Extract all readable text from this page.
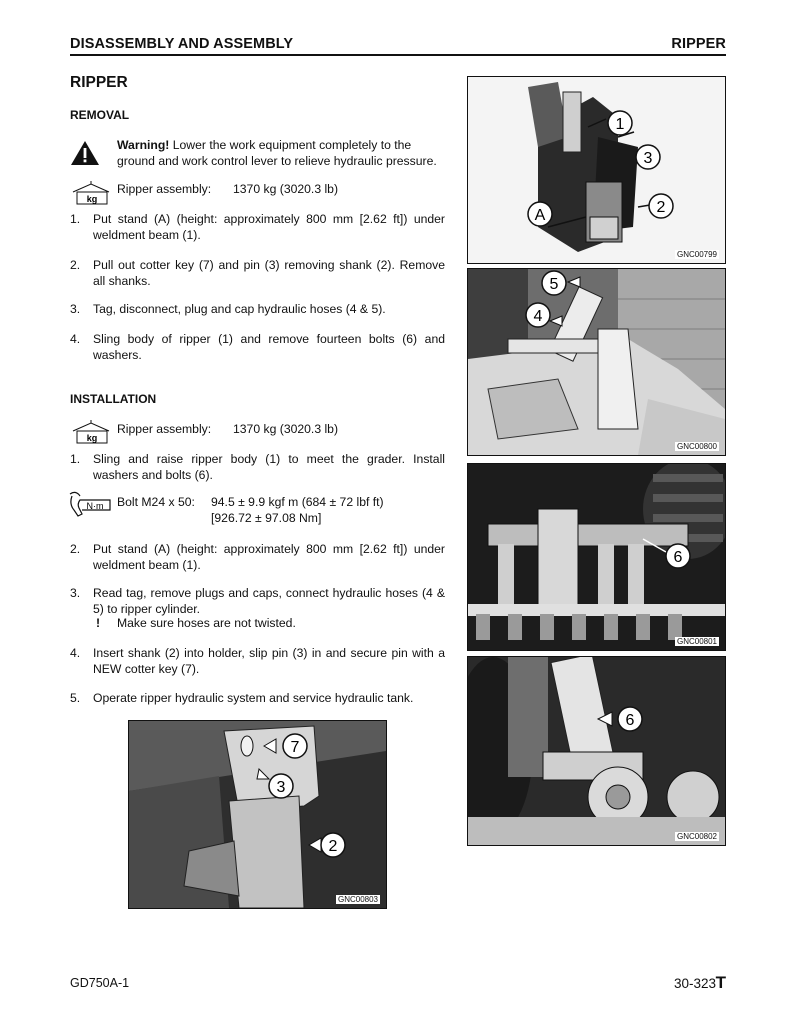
DISASSEMBLY AND ASSEMBLY	RIPPER
RIPPER
REMOVAL
Warning! Lower the work equipment completely to the
ground and work control lever to relieve hydraulic pressure.
kg
Ripper assembly: 1370 kg (3020.3 lb)
1. Put stand (A) (height: approximately 800 mm [2.62 ft]) under weldment beam (1).
2. Pull out cotter key (7) and pin (3) removing shank (2). Remove all shanks.
3. Tag, disconnect, plug and cap hydraulic hoses (4 & 5).
4. Sling body of ripper (1) and remove fourteen bolts (6) and washers.
INSTALLATION
kg
Ripper assembly: 1370 kg (3020.3 lb)
1. Sling and raise ripper body (1) to meet the grader. Install washers and bolts (6).
N·m Bolt M24 x 50: 94.5 ± 9.9 kgf m (684 ± 72 lbf ft)
[926.72 ± 97.08 Nm]
2. Put stand (A) (height: approximately 800 mm [2.62 ft]) under weldment beam (1).
3. Read tag, remove plugs and caps, connect hydraulic hoses (4 & 5) to ripper cylinder.
! Make sure hoses are not twisted.
4. Insert shank (2) into holder, slip pin (3) in and secure pin with a NEW cotter key (7).
5. Operate ripper hydraulic system and service hydraulic tank.
1
3
2
A
GNC00799
5
4
GNC00800
6
GNC00801
6
GNC00802
7
3
2
GNC00803
GD750A-1	30-323 T
